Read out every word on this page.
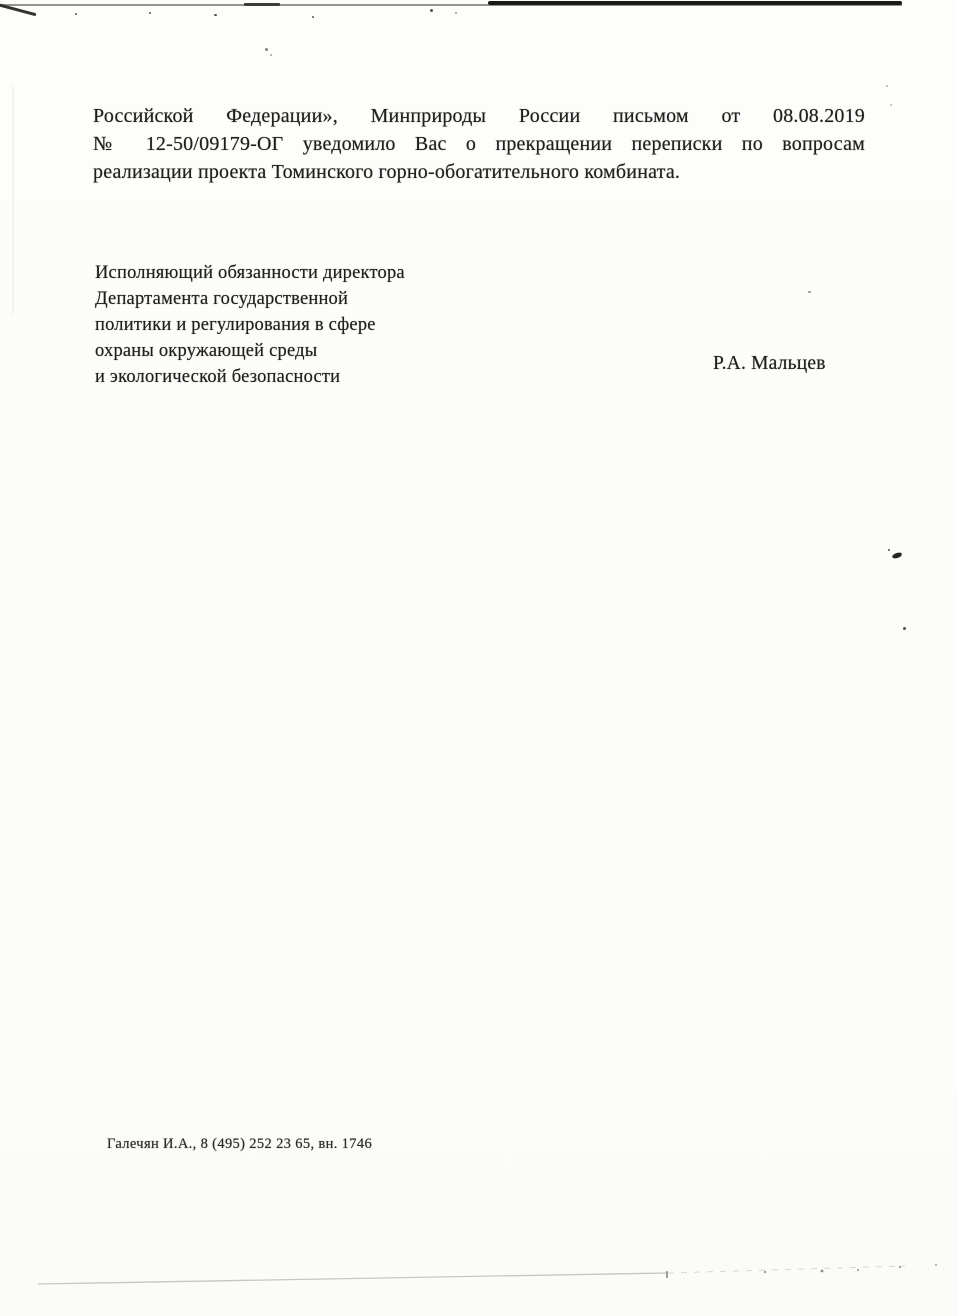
Российской Федерации», Минприроды России письмом от 08.08.2019
№ 12-50/09179-ОГ уведомило Вас о прекращении переписки по вопросам
реализации проекта Томинского горно-обогатительного комбината.
Исполняющий обязанности директора
Департамента государственной
политики и регулирования в сфере
охраны окружающей среды
и экологической безопасности
Р.А. Мальцев
Галечян И.А., 8 (495) 252 23 65, вн. 1746
